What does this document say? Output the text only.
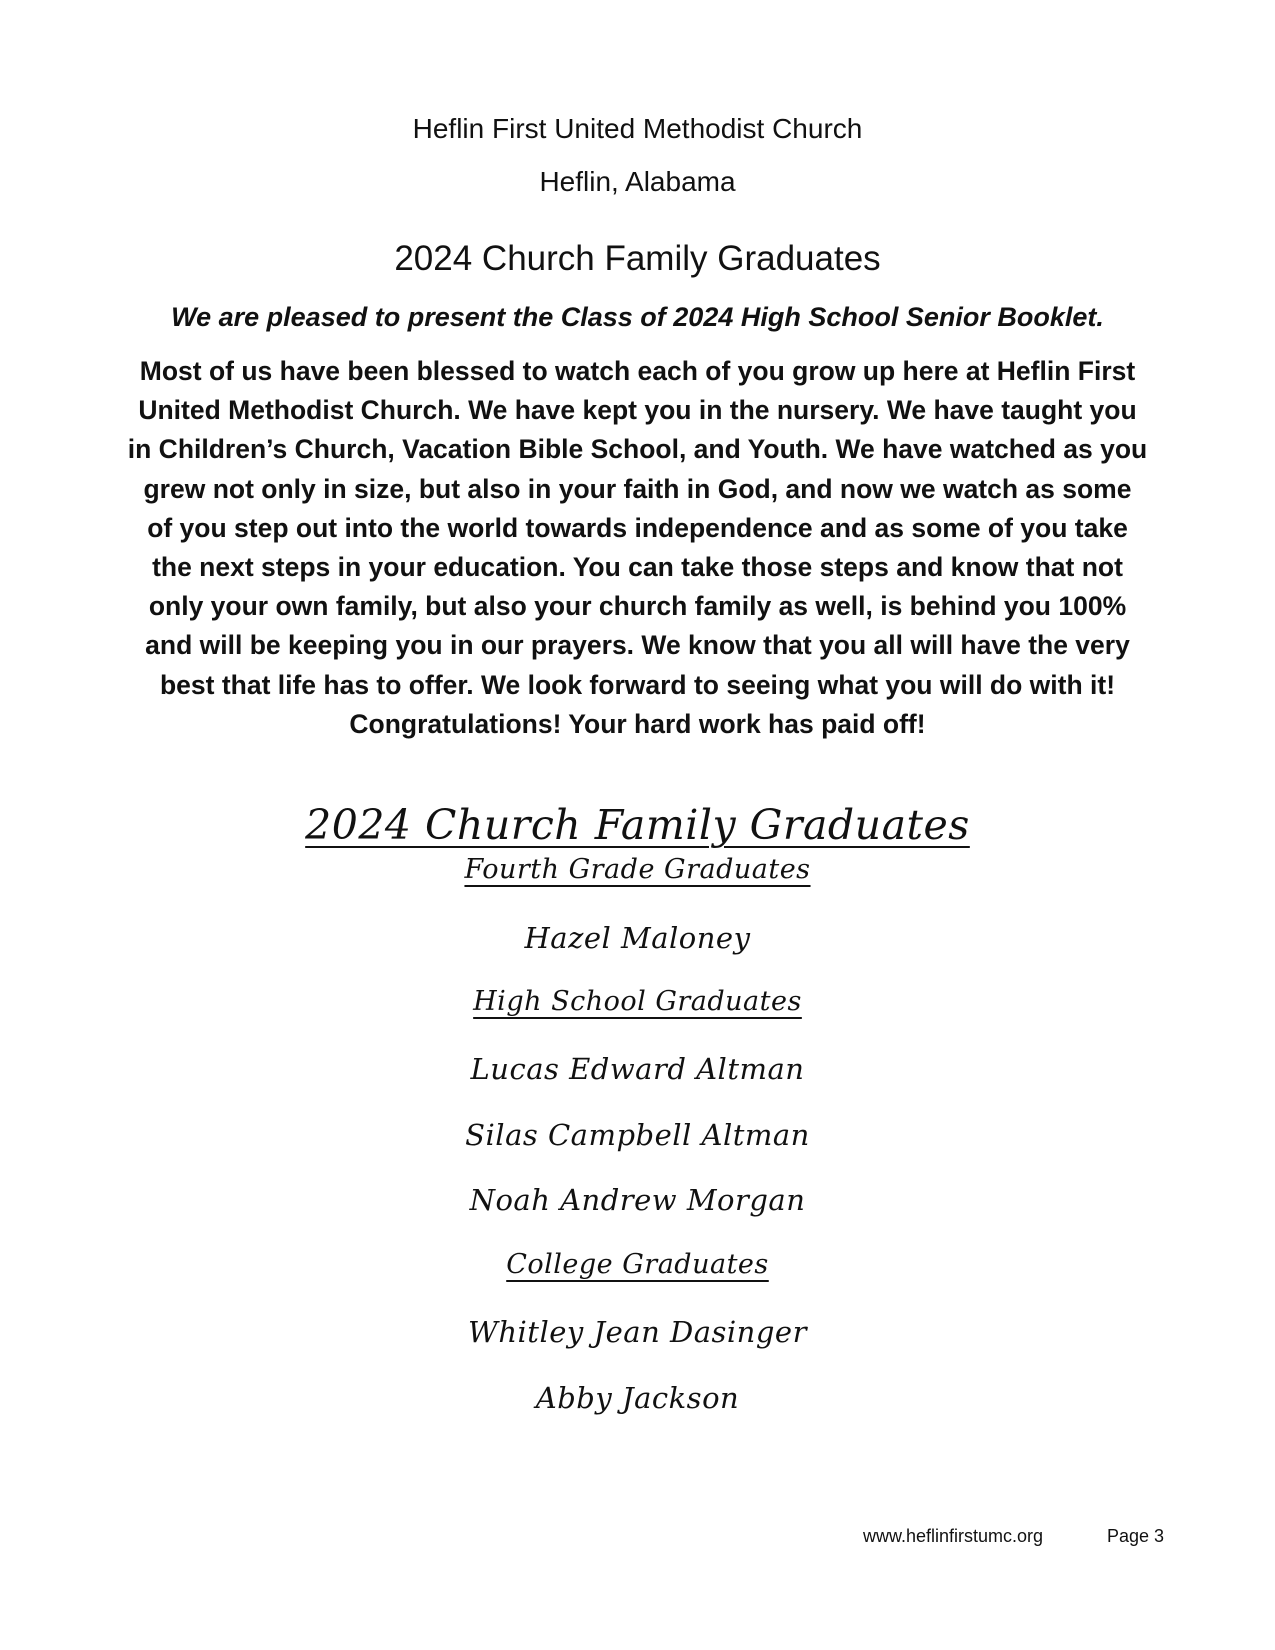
Heflin First United Methodist Church
Heflin, Alabama
2024 Church Family Graduates
We are pleased to present the Class of 2024 High School Senior Booklet.
Most of us have been blessed to watch each of you grow up here at Heflin First
United Methodist Church. We have kept you in the nursery. We have taught you
in Children’s Church, Vacation Bible School, and Youth. We have watched as you
grew not only in size, but also in your faith in God, and now we watch as some
of you step out into the world towards independence and as some of you take
the next steps in your education. You can take those steps and know that not
only your own family, but also your church family as well, is behind you 100%
and will be keeping you in our prayers. We know that you all will have the very
best that life has to offer. We look forward to seeing what you will do with it!
Congratulations! Your hard work has paid off!
2024 Church Family Graduates
Fourth Grade Graduates
Hazel Maloney
High School Graduates
Lucas Edward Altman
Silas Campbell Altman
Noah Andrew Morgan
College Graduates
Whitley Jean Dasinger
Abby Jackson
www.heflinfirstumc.org	Page 3
